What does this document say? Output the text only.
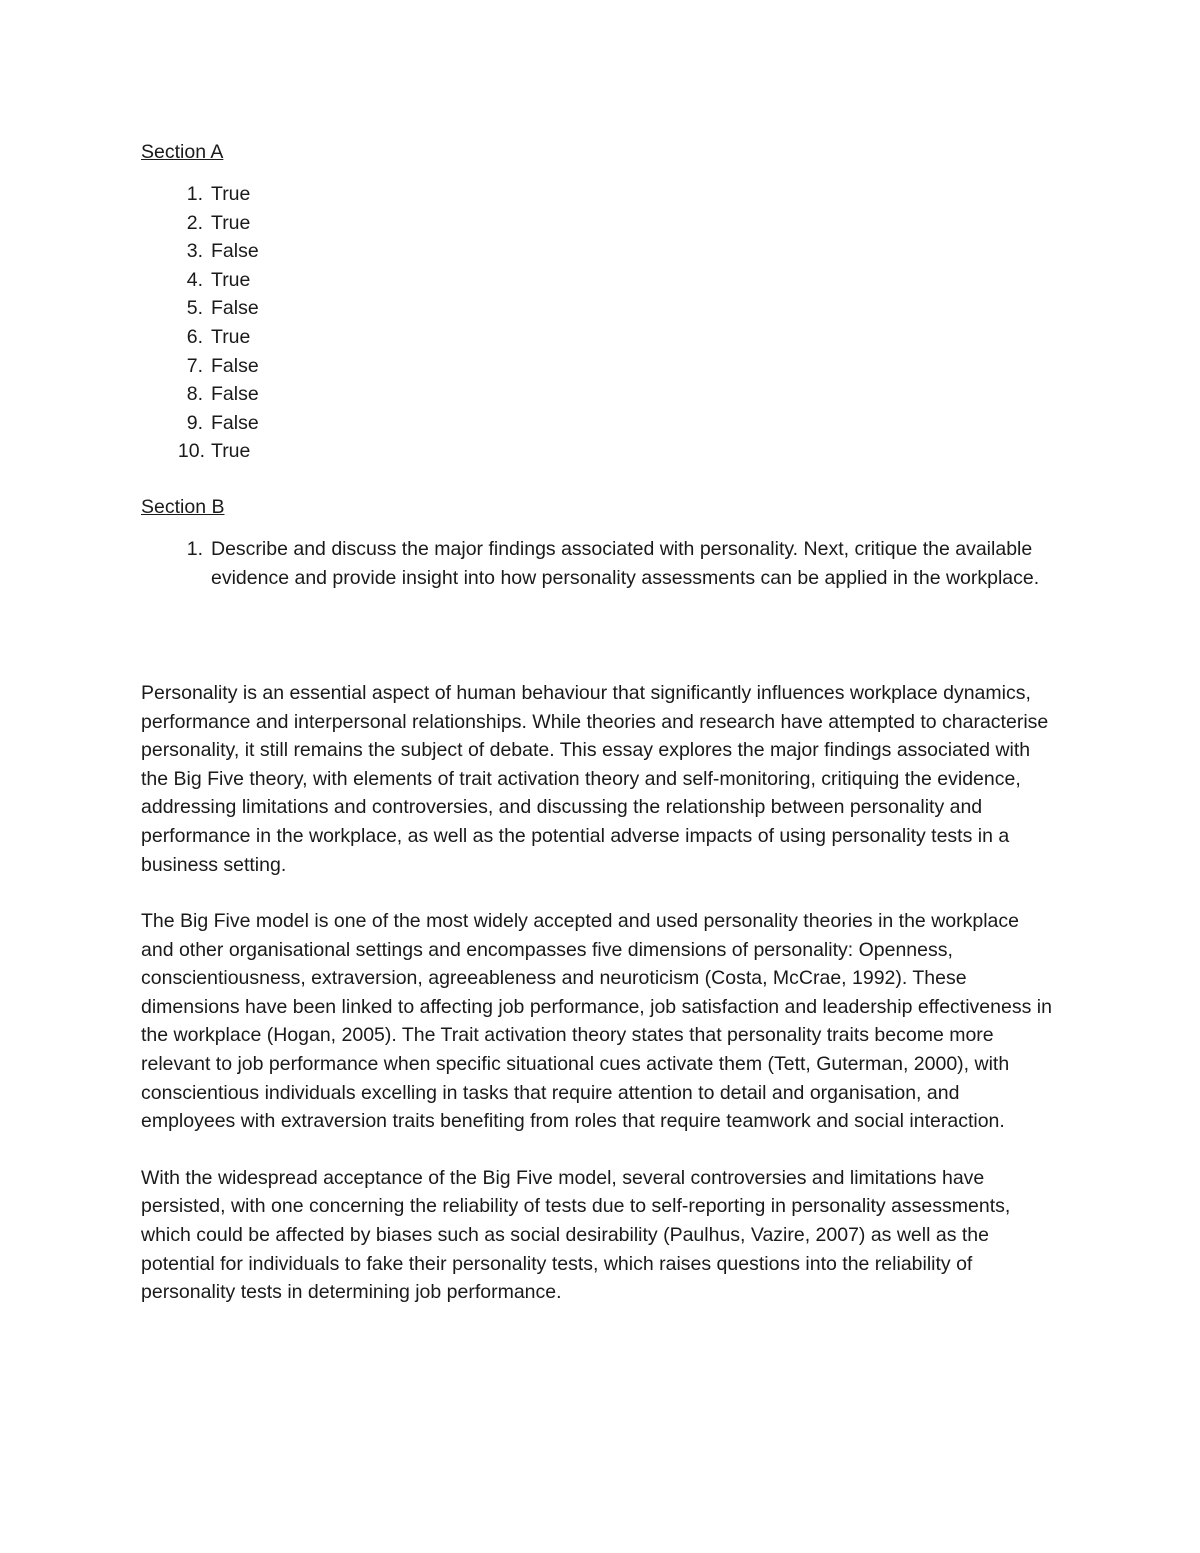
Section A
1. True
2. True
3. False
4. True
5. False
6. True
7. False
8. False
9. False
10. True
Section B
1. Describe and discuss the major findings associated with personality. Next, critique the available evidence and provide insight into how personality assessments can be applied in the workplace.

Personality is an essential aspect of human behaviour that significantly influences workplace dynamics, performance and interpersonal relationships. While theories and research have attempted to characterise personality, it still remains the subject of debate. This essay explores the major findings associated with the Big Five theory, with elements of trait activation theory and self-monitoring, critiquing the evidence, addressing limitations and controversies, and discussing the relationship between personality and performance in the workplace, as well as the potential adverse impacts of using personality tests in a business setting.

The Big Five model is one of the most widely accepted and used personality theories in the workplace and other organisational settings and encompasses five dimensions of personality: Openness, conscientiousness, extraversion, agreeableness and neuroticism (Costa, McCrae, 1992). These dimensions have been linked to affecting job performance, job satisfaction and leadership effectiveness in the workplace (Hogan, 2005). The Trait activation theory states that personality traits become more relevant to job performance when specific situational cues activate them (Tett, Guterman, 2000), with conscientious individuals excelling in tasks that require attention to detail and organisation, and employees with extraversion traits benefiting from roles that require teamwork and social interaction.

With the widespread acceptance of the Big Five model, several controversies and limitations have persisted, with one concerning the reliability of tests due to self-reporting in personality assessments, which could be affected by biases such as social desirability (Paulhus, Vazire, 2007) as well as the potential for individuals to fake their personality tests, which raises questions into the reliability of personality tests in determining job performance.
